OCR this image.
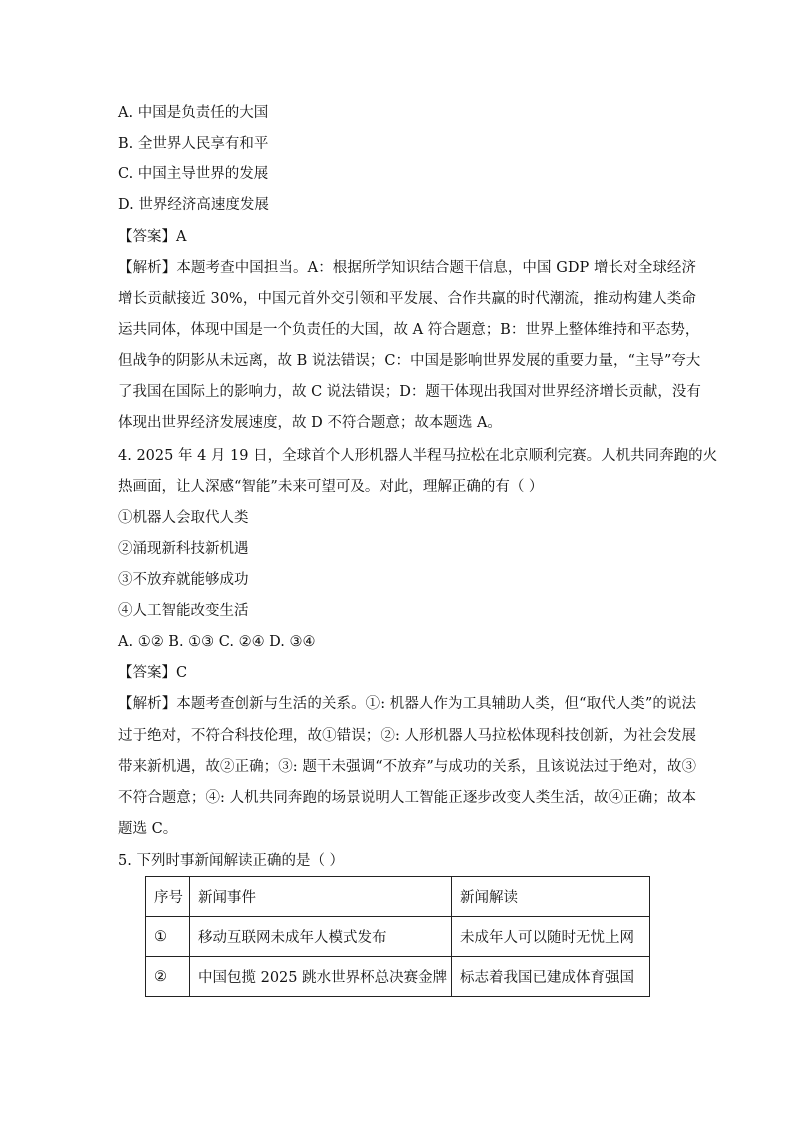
A. 中国是负责任的大国
B. 全世界人民享有和平
C. 中国主导世界的发展
D. 世界经济高速度发展
【答案】A
【解析】本题考查中国担当。A：根据所学知识结合题干信息，中国 GDP 增长对全球经济
增长贡献接近 30%，中国元首外交引领和平发展、合作共赢的时代潮流，推动构建人类命
运共同体，体现中国是一个负责任的大国，故 A 符合题意；B：世界上整体维持和平态势，
但战争的阴影从未远离，故 B 说法错误；C：中国是影响世界发展的重要力量，“主导”夸大
了我国在国际上的影响力，故 C 说法错误；D：题干体现出我国对世界经济增长贡献，没有
体现出世界经济发展速度，故 D 不符合题意；故本题选 A。
4. 2025 年 4 月 19 日，全球首个人形机器人半程马拉松在北京顺利完赛。人机共同奔跑的火
热画面，让人深感“智能”未来可望可及。对此，理解正确的有（ ）
①机器人会取代人类
②涌现新科技新机遇
③不放弃就能够成功
④人工智能改变生活
A. ①② B. ①③ C. ②④ D. ③④
【答案】C
【解析】本题考查创新与生活的关系。①: 机器人作为工具辅助人类，但“取代人类”的说法
过于绝对，不符合科技伦理，故①错误；②: 人形机器人马拉松体现科技创新，为社会发展
带来新机遇，故②正确；③: 题干未强调“不放弃”与成功的关系，且该说法过于绝对，故③
不符合题意；④: 人机共同奔跑的场景说明人工智能正逐步改变人类生活，故④正确；故本
题选 C。
5. 下列时事新闻解读正确的是（ ）
序号	新闻事件	新闻解读
①	移动互联网未成年人模式发布	未成年人可以随时无忧上网
②	中国包揽 2025 跳水世界杯总决赛金牌	标志着我国已建成体育强国
